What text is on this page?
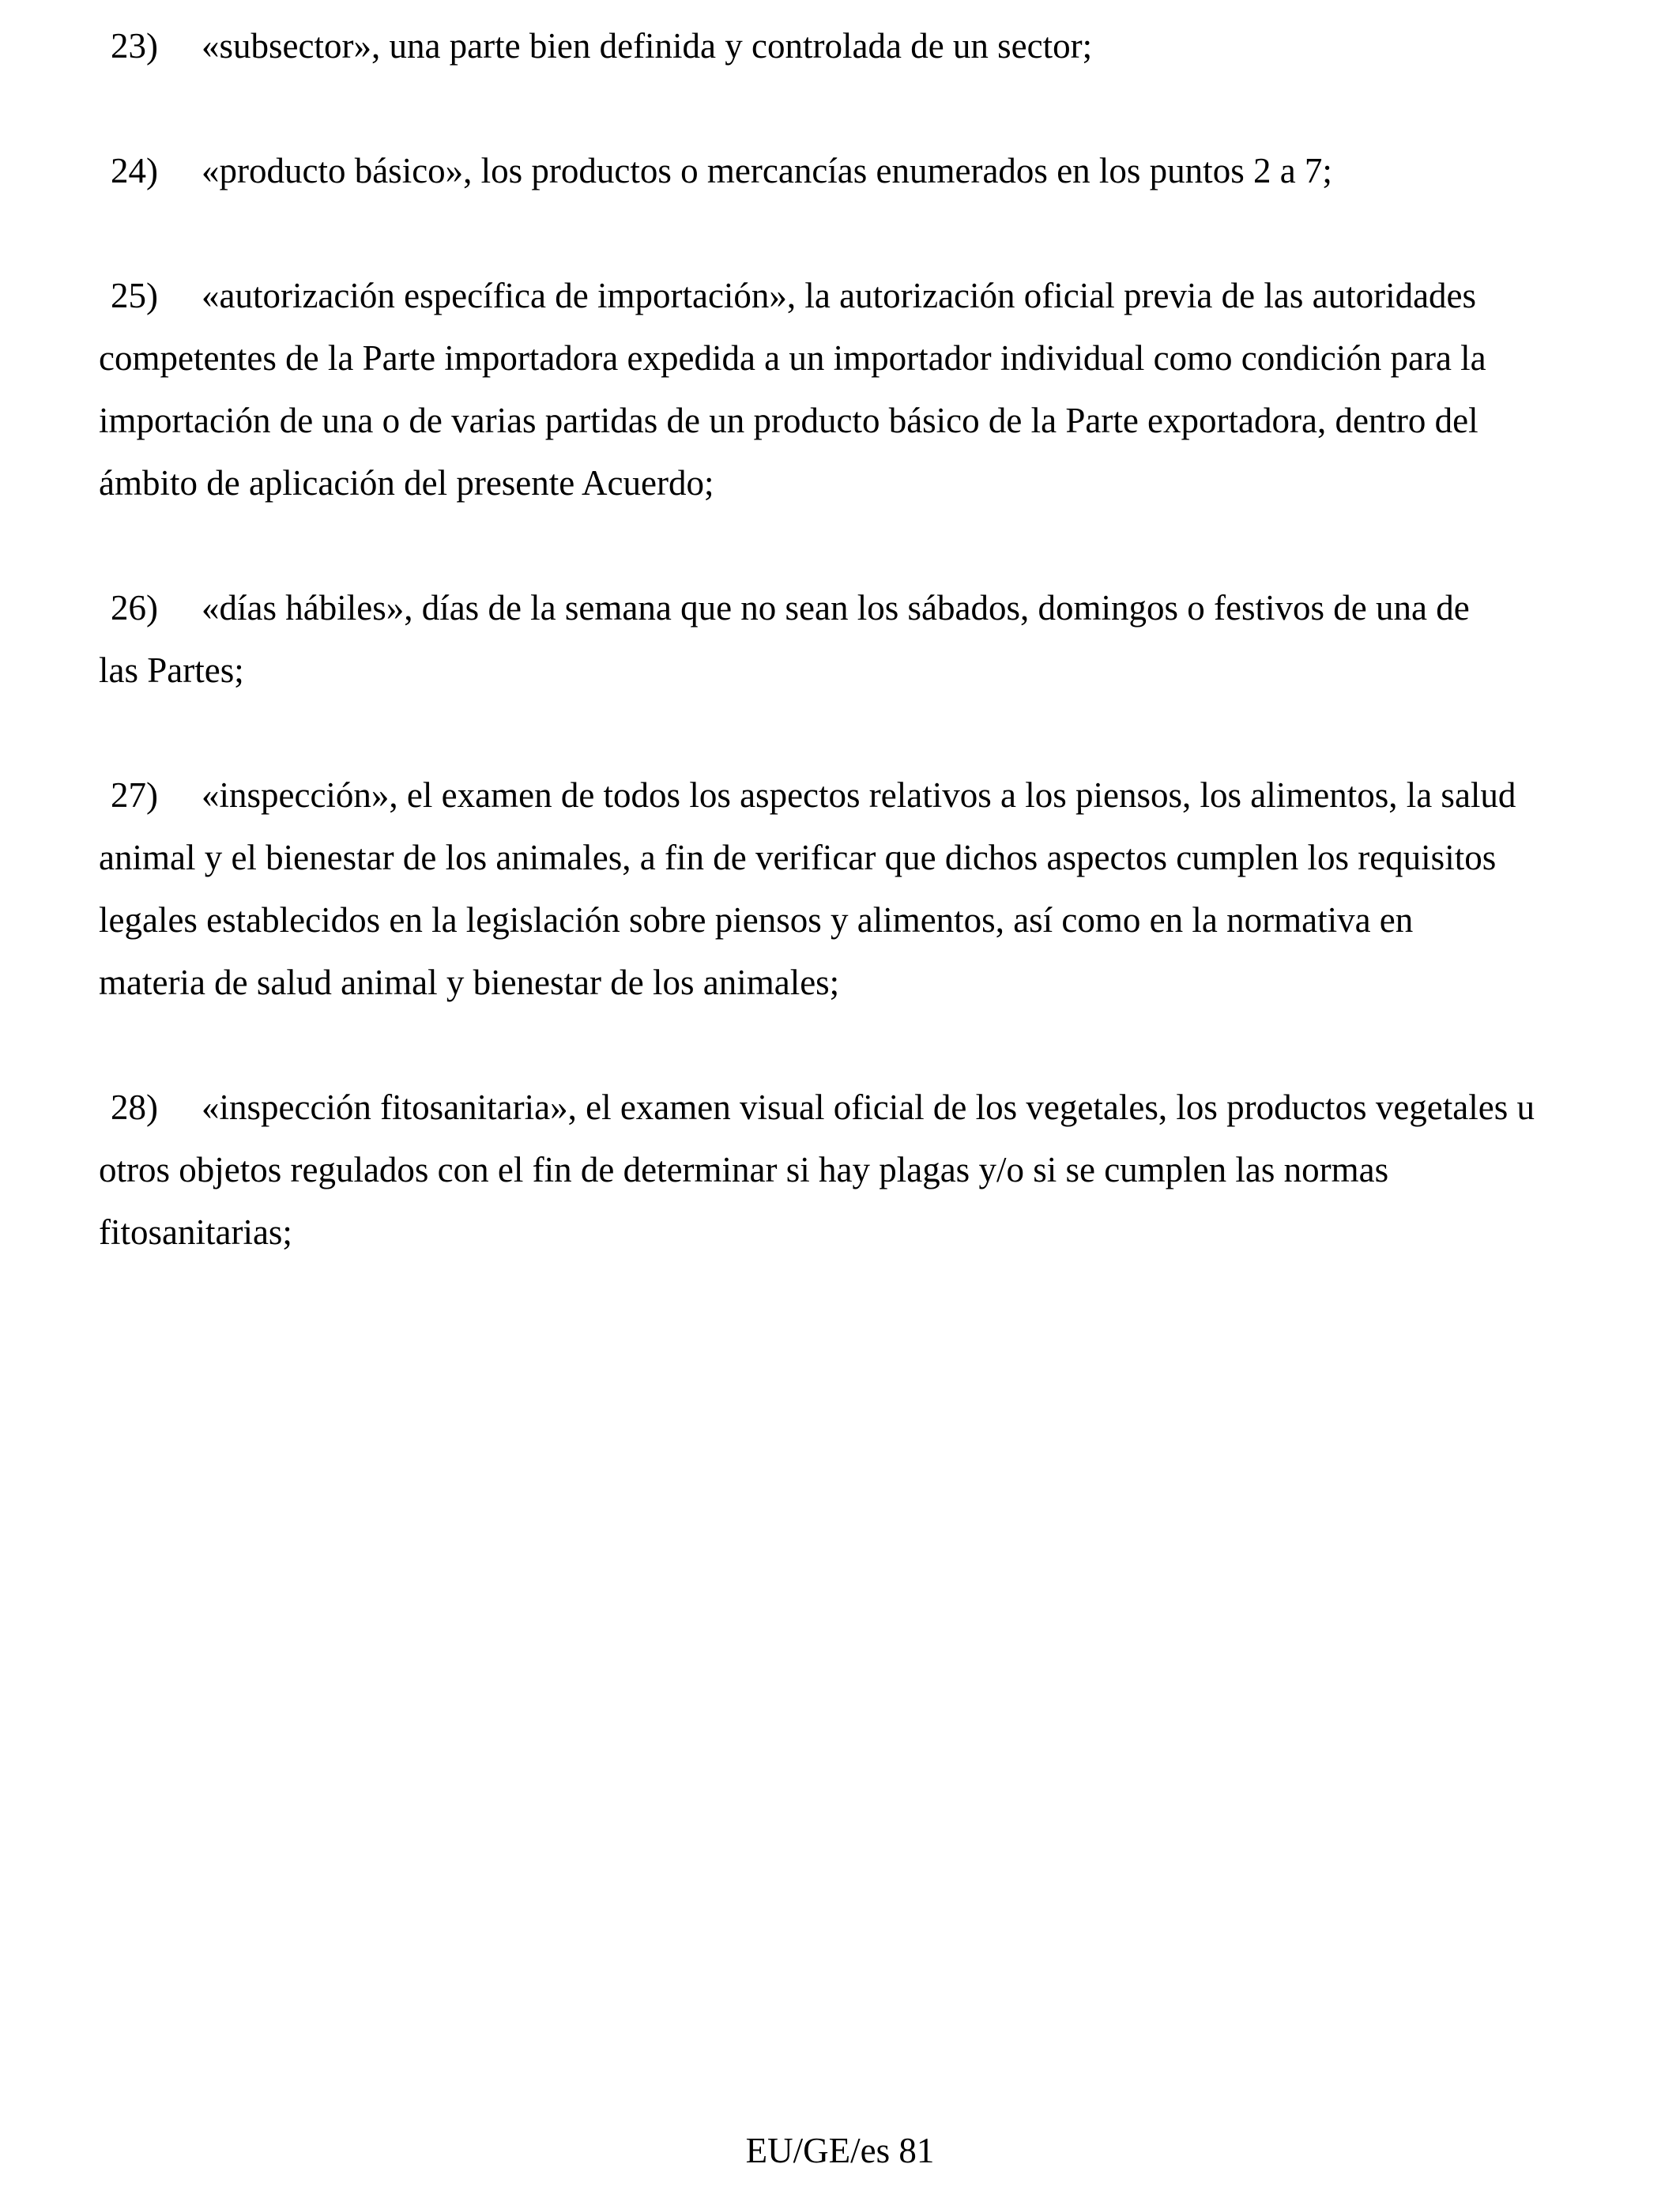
23) «subsector», una parte bien definida y controlada de un sector;
24) «producto básico», los productos o mercancías enumerados en los puntos 2 a 7;
25) «autorización específica de importación», la autorización oficial previa de las autoridades
competentes de la Parte importadora expedida a un importador individual como condición para la
importación de una o de varias partidas de un producto básico de la Parte exportadora, dentro del
ámbito de aplicación del presente Acuerdo;
26) «días hábiles», días de la semana que no sean los sábados, domingos o festivos de una de
las Partes;
27) «inspección», el examen de todos los aspectos relativos a los piensos, los alimentos, la salud
animal y el bienestar de los animales, a fin de verificar que dichos aspectos cumplen los requisitos
legales establecidos en la legislación sobre piensos y alimentos, así como en la normativa en
materia de salud animal y bienestar de los animales;
28) «inspección fitosanitaria», el examen visual oficial de los vegetales, los productos vegetales u
otros objetos regulados con el fin de determinar si hay plagas y/o si se cumplen las normas
fitosanitarias;
EU/GE/es 81
